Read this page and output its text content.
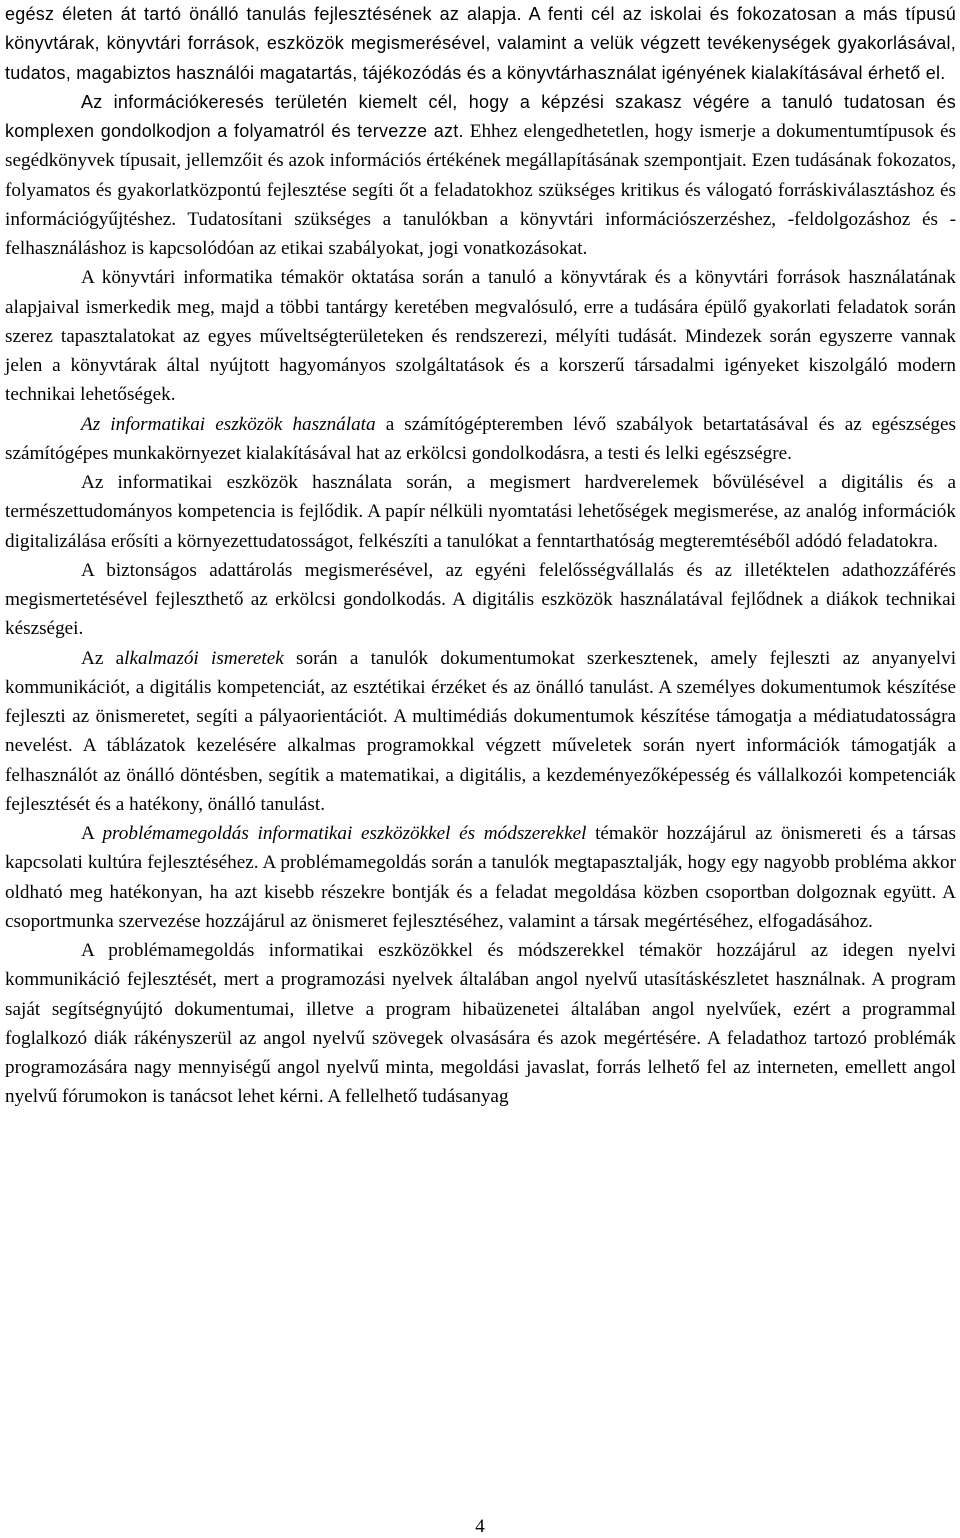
egész életen át tartó önálló tanulás fejlesztésének az alapja. A fenti cél az iskolai és fokozatosan a más típusú könyvtárak, könyvtári források, eszközök megismerésével, valamint a velük végzett tevékenységek gyakorlásával, tudatos, magabiztos használói magatartás, tájékozódás és a könyvtárhasználat igényének kialakításával érhető el.

Az információkeresés területén kiemelt cél, hogy a képzési szakasz végére a tanuló tudatosan és komplexen gondolkodjon a folyamatról és tervezze azt. Ehhez elengedhetetlen, hogy ismerje a dokumentumtípusok és segédkönyvek típusait, jellemzőit és azok információs értékének megállapításának szempontjait. Ezen tudásának fokozatos, folyamatos és gyakorlatközpontú fejlesztése segíti őt a feladatokhoz szükséges kritikus és válogató forráskiválasztáshoz és információgyűjtéshez. Tudatosítani szükséges a tanulókban a könyvtári információszerzéshez, -feldolgozáshoz és -felhasználáshoz is kapcsolódóan az etikai szabályokat, jogi vonatkozásokat.

A könyvtári informatika témakör oktatása során a tanuló a könyvtárak és a könyvtári források használatának alapjaival ismerkedik meg, majd a többi tantárgy keretében megvalósuló, erre a tudására épülő gyakorlati feladatok során szerez tapasztalatokat az egyes műveltségterületeken és rendszerezi, mélyíti tudását. Mindezek során egyszerre vannak jelen a könyvtárak által nyújtott hagyományos szolgáltatások és a korszerű társadalmi igényeket kiszolgáló modern technikai lehetőségek.

Az informatikai eszközök használata a számítógépteremben lévő szabályok betartatásával és az egészséges számítógépes munkakörnyezet kialakításával hat az erkölcsi gondolkodásra, a testi és lelki egészségre.

Az informatikai eszközök használata során, a megismert hardverelemek bővülésével a digitális és a természettudományos kompetencia is fejlődik. A papír nélküli nyomtatási lehetőségek megismerése, az analóg információk digitalizálása erősíti a környezettudatosságot, felkészíti a tanulókat a fenntarthatóság megteremtéséből adódó feladatokra.

A biztonságos adattárolás megismerésével, az egyéni felelősségvállalás és az illetéktelen adathozzáférés megismertetésével fejleszthető az erkölcsi gondolkodás. A digitális eszközök használatával fejlődnek a diákok technikai készségei.

Az alkalmazói ismeretek során a tanulók dokumentumokat szerkesztenek, amely fejleszti az anyanyelvi kommunikációt, a digitális kompetenciát, az esztétikai érzéket és az önálló tanulást. A személyes dokumentumok készítése fejleszti az önismeretet, segíti a pályaorientációt. A multimédiás dokumentumok készítése támogatja a médiatudatosságra nevelést. A táblázatok kezelésére alkalmas programokkal végzett műveletek során nyert információk támogatják a felhasználót az önálló döntésben, segítik a matematikai, a digitális, a kezdeményezőképesség és vállalkozói kompetenciák fejlesztését és a hatékony, önálló tanulást.

A problémamegoldás informatikai eszközökkel és módszerekkel témakör hozzájárul az önismereti és a társas kapcsolati kultúra fejlesztéséhez. A problémamegoldás során a tanulók megtapasztalják, hogy egy nagyobb probléma akkor oldható meg hatékonyan, ha azt kisebb részekre bontják és a feladat megoldása közben csoportban dolgoznak együtt. A csoportmunka szervezése hozzájárul az önismeret fejlesztéséhez, valamint a társak megértéséhez, elfogadásához.

A problémamegoldás informatikai eszközökkel és módszerekkel témakör hozzájárul az idegen nyelvi kommunikáció fejlesztését, mert a programozási nyelvek általában angol nyelvű utasításkészletet használnak. A program saját segítségnyújtó dokumentumai, illetve a program hibaüzenetei általában angol nyelvűek, ezért a programmal foglalkozó diák rákényszerül az angol nyelvű szövegek olvasására és azok megértésére. A feladathoz tartozó problémák programozására nagy mennyiségű angol nyelvű minta, megoldási javaslat, forrás lelhető fel az interneten, emellett angol nyelvű fórumokon is tanácsot lehet kérni. A fellelhető tudásanyag

4
